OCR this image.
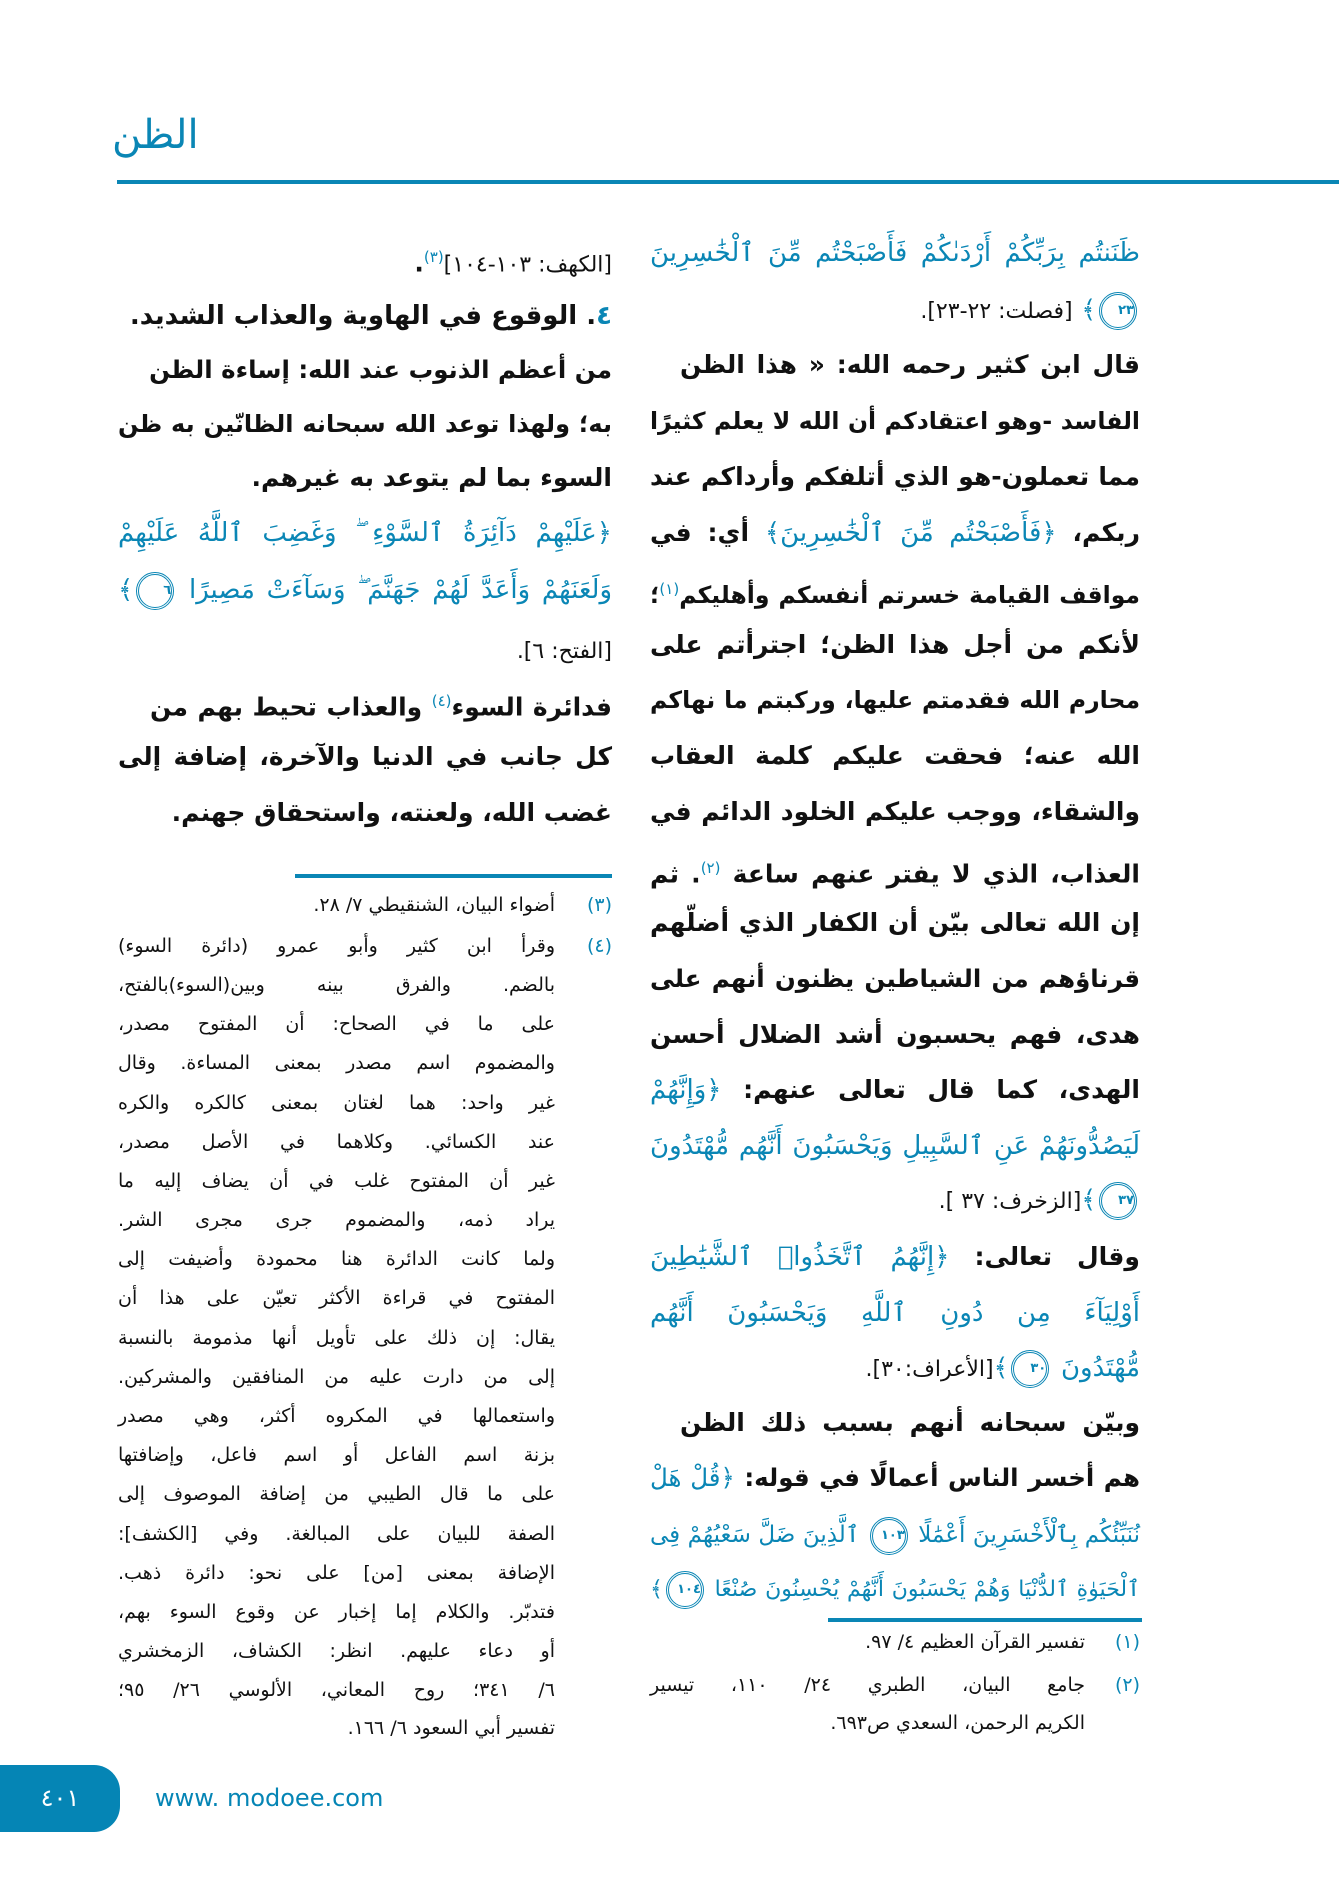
الظن
ظَنَنتُم بِرَبِّكُمْ أَرْدَىٰكُمْ فَأَصْبَحْتُم مِّنَ ٱلْخَٰسِرِينَ
٢٣﴾ [فصلت: ٢٢-٢٣].
قال ابن كثير رحمه الله: « هذا الظن
الفاسد -وهو اعتقادكم أن الله لا يعلم كثيرًا
مما تعملون-هو الذي أتلفكم وأرداكم عند
ربكم، ﴿فَأَصْبَحْتُم مِّنَ ٱلْخَٰسِرِينَ﴾ أي: في
مواقف القيامة خسرتم أنفسكم وأهليكم$^{(١)}$؛
لأنكم من أجل هذا الظن؛ اجترأتم على
محارم الله فقدمتم عليها، وركبتم ما نهاكم
الله عنه؛ فحقت عليكم كلمة العقاب
والشقاء، ووجب عليكم الخلود الدائم في
العذاب، الذي لا يفتر عنهم ساعة $^{(٢)}$. ثم
إن الله تعالى بيّن أن الكفار الذي أضلّهم
قرناؤهم من الشياطين يظنون أنهم على
هدى، فهم يحسبون أشد الضلال أحسن
الهدى، كما قال تعالى عنهم: ﴿وَإِنَّهُمْ
لَيَصُدُّونَهُمْ عَنِ ٱلسَّبِيلِ وَيَحْسَبُونَ أَنَّهُم مُّهْتَدُونَ
٣٧﴾[الزخرف: ٣٧ ].
وقال تعالى: ﴿إِنَّهُمُ ٱتَّخَذُوا۟ ٱلشَّيَٰطِينَ
أَوْلِيَآءَ مِن دُونِ ٱللَّهِ وَيَحْسَبُونَ أَنَّهُم
مُّهْتَدُونَ ٣٠﴾[الأعراف:٣٠].
وبيّن سبحانه أنهم بسبب ذلك الظن
هم أخسر الناس أعمالًا في قوله: ﴿قُلْ هَلْ
نُنَبِّئُكُم بِٱلْأَخْسَرِينَ أَعْمَٰلًا ١٠٣ ٱلَّذِينَ ضَلَّ سَعْيُهُمْ فِى
ٱلْحَيَوٰةِ ٱلدُّنْيَا وَهُمْ يَحْسَبُونَ أَنَّهُمْ يُحْسِنُونَ صُنْعًا ١٠٤﴾
(١)
تفسير القرآن العظيم ٤/ ٩٧.
(٢)
جامع البيان، الطبري ٢٤/ ١١٠، تيسير
الكريم الرحمن، السعدي ص٦٩٣.
[الكهف: ١٠٣-١٠٤]$^{(٣)}$.
٤. الوقوع في الهاوية والعذاب الشديد.
من أعظم الذنوب عند الله: إساءة الظن
به؛ ولهذا توعد الله سبحانه الظانّين به ظن
السوء بما لم يتوعد به غيرهم.
﴿عَلَيْهِمْ دَآئِرَةُ ٱلسَّوْءِ ۖ وَغَضِبَ ٱللَّهُ عَلَيْهِمْ
وَلَعَنَهُمْ وَأَعَدَّ لَهُمْ جَهَنَّمَ ۖ وَسَآءَتْ مَصِيرًا ٦﴾
[الفتح: ٦].
فدائرة السوء$^{(٤)}$ والعذاب تحيط بهم من
كل جانب في الدنيا والآخرة، إضافة إلى
غضب الله، ولعنته، واستحقاق جهنم.
(٣)
أضواء البيان، الشنقيطي ٧/ ٢٨.
(٤)
وقرأ ابن كثير وأبو عمرو (دائرة السوء)
بالضم. والفرق بينه وبين(السوء)بالفتح،
على ما في الصحاح: أن المفتوح مصدر،
والمضموم اسم مصدر بمعنى المساءة. وقال
غير واحد: هما لغتان بمعنى كالكره والكره
عند الكسائي. وكلاهما في الأصل مصدر،
غير أن المفتوح غلب في أن يضاف إليه ما
يراد ذمه، والمضموم جرى مجرى الشر.
ولما كانت الدائرة هنا محمودة وأضيفت إلى
المفتوح في قراءة الأكثر تعيّن على هذا أن
يقال: إن ذلك على تأويل أنها مذمومة بالنسبة
إلى من دارت عليه من المنافقين والمشركين.
واستعمالها في المكروه أكثر، وهي مصدر
بزنة اسم الفاعل أو اسم فاعل، وإضافتها
على ما قال الطيبي من إضافة الموصوف إلى
الصفة للبيان على المبالغة. وفي [الكشف]:
الإضافة بمعنى [من] على نحو: دائرة ذهب.
فتدبّر. والكلام إما إخبار عن وقوع السوء بهم،
أو دعاء عليهم. انظر: الكشاف، الزمخشري
٦/ ٣٤١؛ روح المعاني، الألوسي ٢٦/ ٩٥؛
تفسير أبي السعود ٦/ ١٦٦.
٤٠١	www. modoee.com
